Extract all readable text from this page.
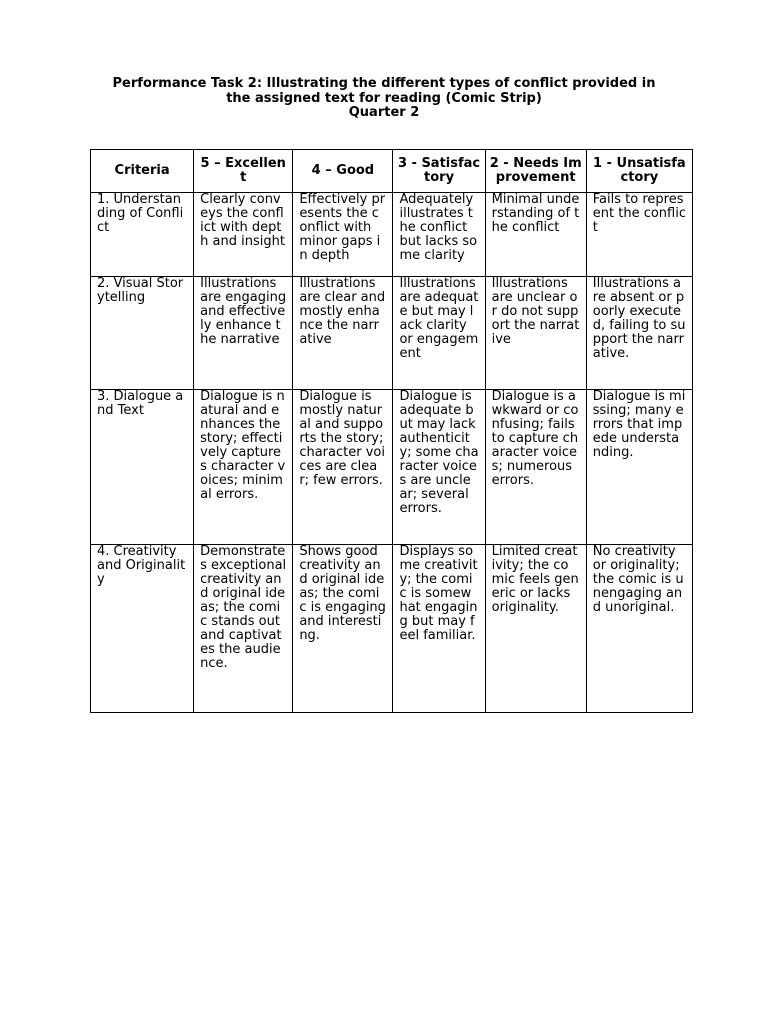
Performance Task 2: Illustrating the different types of conflict provided in
the assigned text for reading (Comic Strip)
Quarter 2
Criteria	5 – Excellent	4 – Good	3 - Satisfactory	2 - Needs Improvement	1 - Unsatisfactory
1. Understanding of Conflict	Clearly conveys the conflict with depth and insight	Effectively presents the conflict with minor gaps in depth	Adequately illustrates the conflict but lacks some clarity	Minimal understanding of the conflict	Fails to represent the conflict
2. Visual Storytelling	Illustrations are engaging and effectively enhance the narrative	Illustrations are clear and mostly enhance the narrative	Illustrations are adequate but may lack clarity or engagement	Illustrations are unclear or do not support the narrative	Illustrations are absent or poorly executed, failing to support the narrative.
3. Dialogue and Text	Dialogue is natural and enhances the story; effectively captures character voices; minimal errors.	Dialogue is mostly natural and supports the story; character voices are clear; few errors.	Dialogue is adequate but may lack authenticity; some character voices are unclear; several errors.	Dialogue is awkward or confusing; fails to capture character voices; numerous errors.	Dialogue is missing; many errors that impede understanding.
4. Creativity and Originality	Demonstrates exceptional creativity and original ideas; the comic stands out and captivates the audience.	Shows good creativity and original ideas; the comic is engaging and interesting.	Displays some creativity; the comic is somewhat engaging but may feel familiar.	Limited creativity; the comic feels generic or lacks originality.	No creativity or originality; the comic is unengaging and unoriginal.
